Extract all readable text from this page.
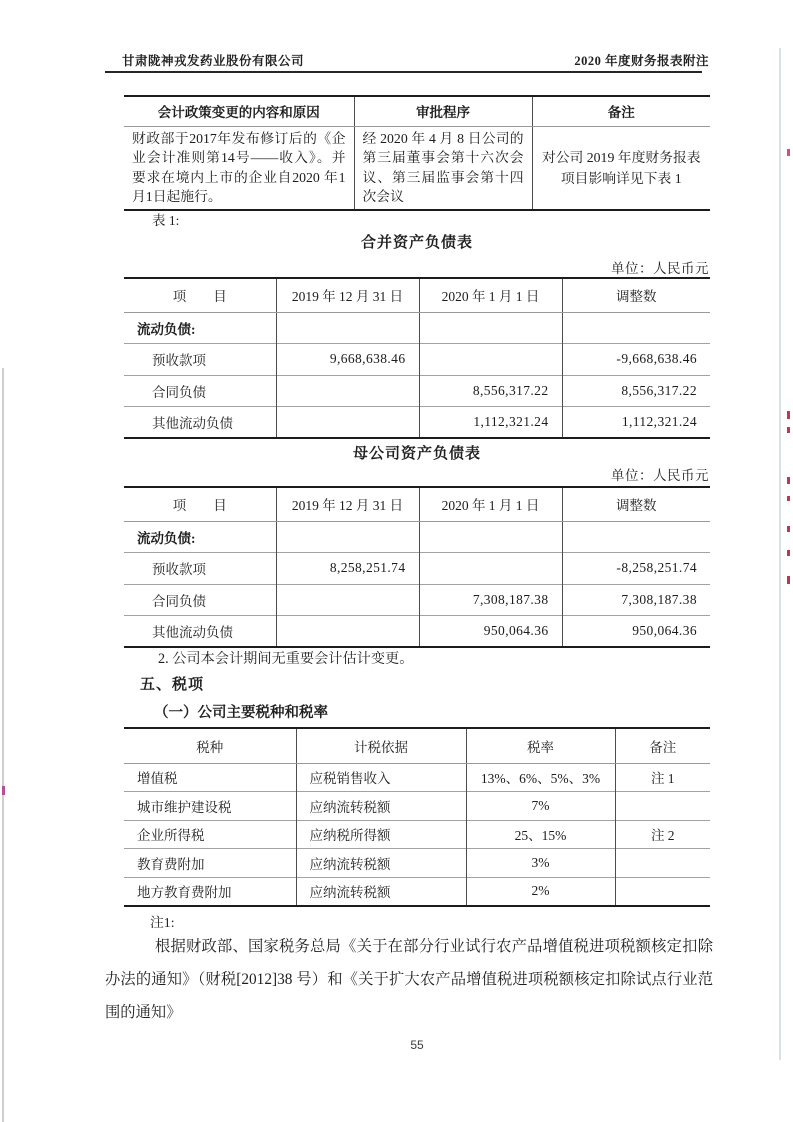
甘肃陇神戎发药业股份有限公司	2020 年度财务报表附注
会计政策变更的内容和原因	审批程序	备注
财政部于2017年发布修订后的《企业会计准则第14号——收入》。并要求在境内上市的企业自2020 年1月1日起施行。	经 2020 年 4 月 8 日公司的第三届董事会第十六次会议、第三届监事会第十四次会议	对公司 2019 年度财务报表项目影响详见下表 1
表 1:
合并资产负债表
单位：人民币元
项　　目	2019 年 12 月 31 日	2020 年 1 月 1 日	调整数
流动负债:			
预收款项	9,668,638.46		-9,668,638.46
合同负债		8,556,317.22	8,556,317.22
其他流动负债		1,112,321.24	1,112,321.24
母公司资产负债表
单位：人民币元
项　　目	2019 年 12 月 31 日	2020 年 1 月 1 日	调整数
流动负债:			
预收款项	8,258,251.74		-8,258,251.74
合同负债		7,308,187.38	7,308,187.38
其他流动负债		950,064.36	950,064.36
2. 公司本会计期间无重要会计估计变更。
五、税项
（一）公司主要税种和税率
税种	计税依据	税率	备注
增值税	应税销售收入	13%、6%、5%、3%	注 1
城市维护建设税	应纳流转税额	7%	
企业所得税	应纳税所得额	25、15%	注 2
教育费附加	应纳流转税额	3%	
地方教育费附加	应纳流转税额	2%	
注1:
根据财政部、国家税务总局《关于在部分行业试行农产品增值税进项税额核定扣除办法的通知》（财税[2012]38 号）和《关于扩大农产品增值税进项税额核定扣除试点行业范围的通知》
55
